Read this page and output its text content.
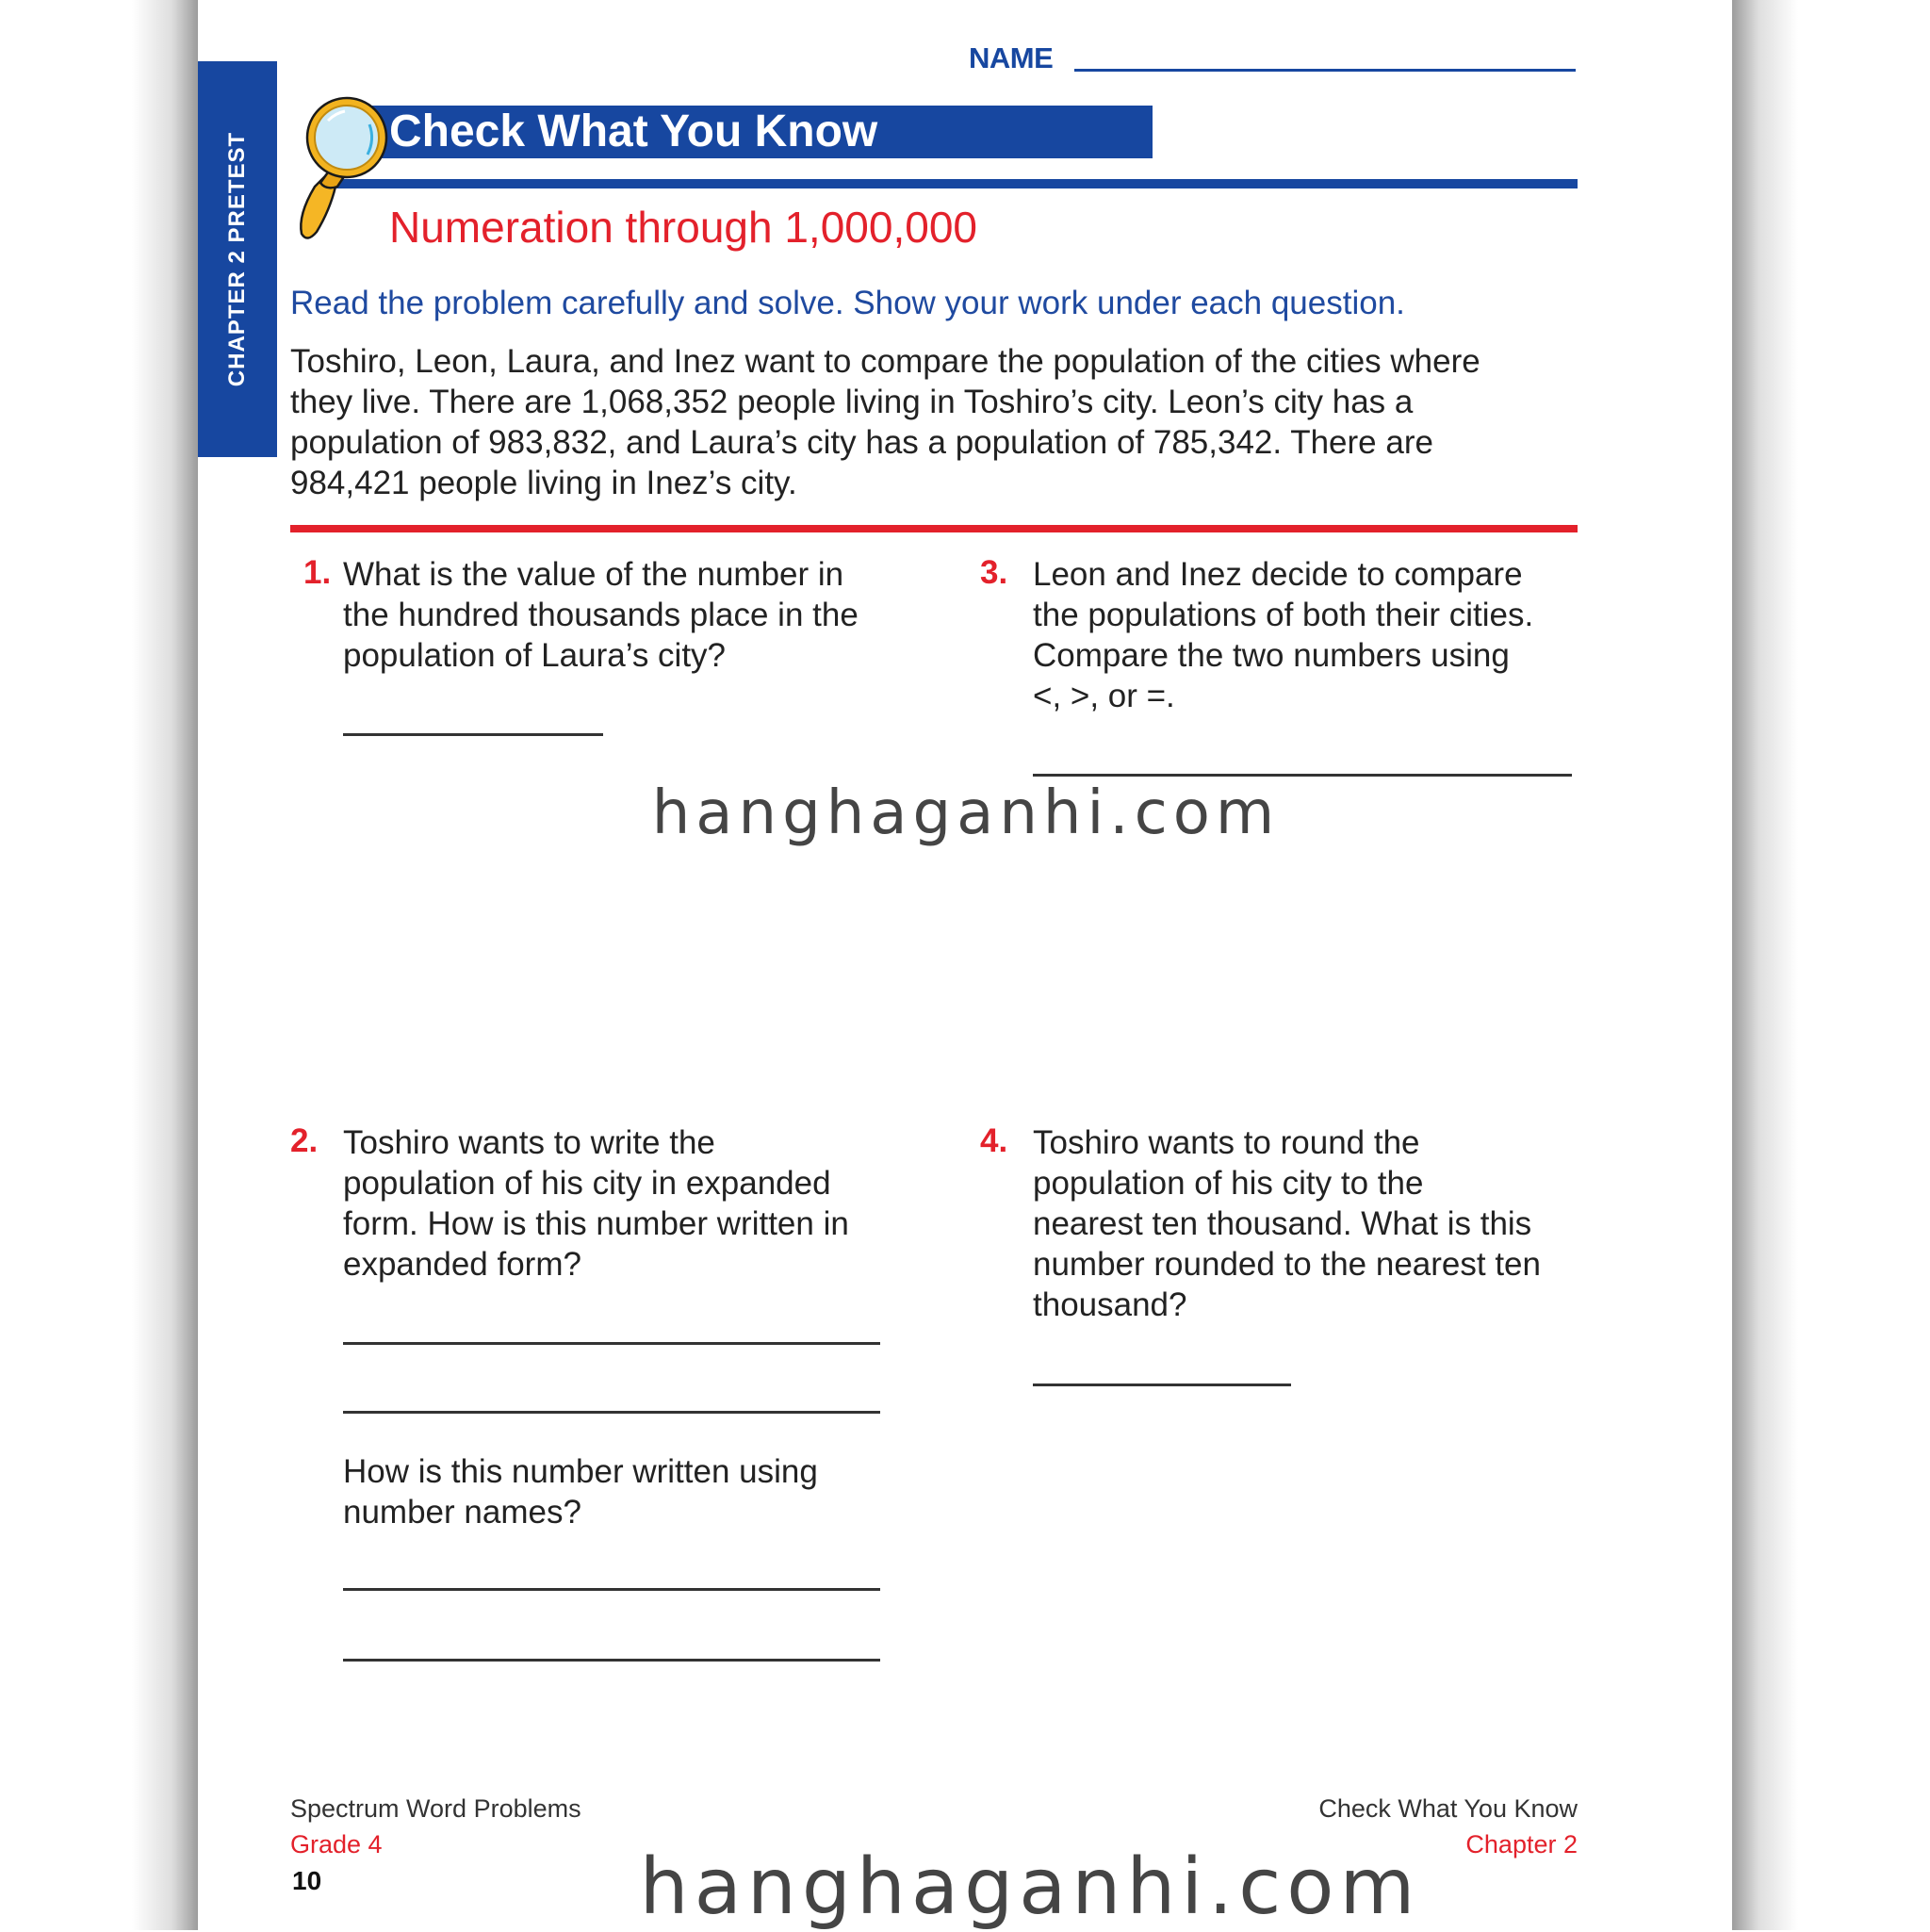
CHAPTER 2 PRETEST
NAME
Check What You Know
Numeration through 1,000,000
Read the problem carefully and solve. Show your work under each question.
Toshiro, Leon, Laura, and Inez want to compare the population of the cities where
they live. There are 1,068,352 people living in Toshiro’s city. Leon’s city has a
population of 983,832, and Laura’s city has a population of 785,342. There are
984,421 people living in Inez’s city.
1. What is the value of the number in
the hundred thousands place in the
population of Laura’s city?
3. Leon and Inez decide to compare
the populations of both their cities.
Compare the two numbers using
<, >, or =.
2. Toshiro wants to write the
population of his city in expanded
form. How is this number written in
expanded form?
How is this number written using
number names?
4. Toshiro wants to round the
population of his city to the
nearest ten thousand. What is this
number rounded to the nearest ten
thousand?
Spectrum Word Problems
Grade 4
10
Check What You Know
Chapter 2
hanghaganhi.com
hanghaganhi.com
